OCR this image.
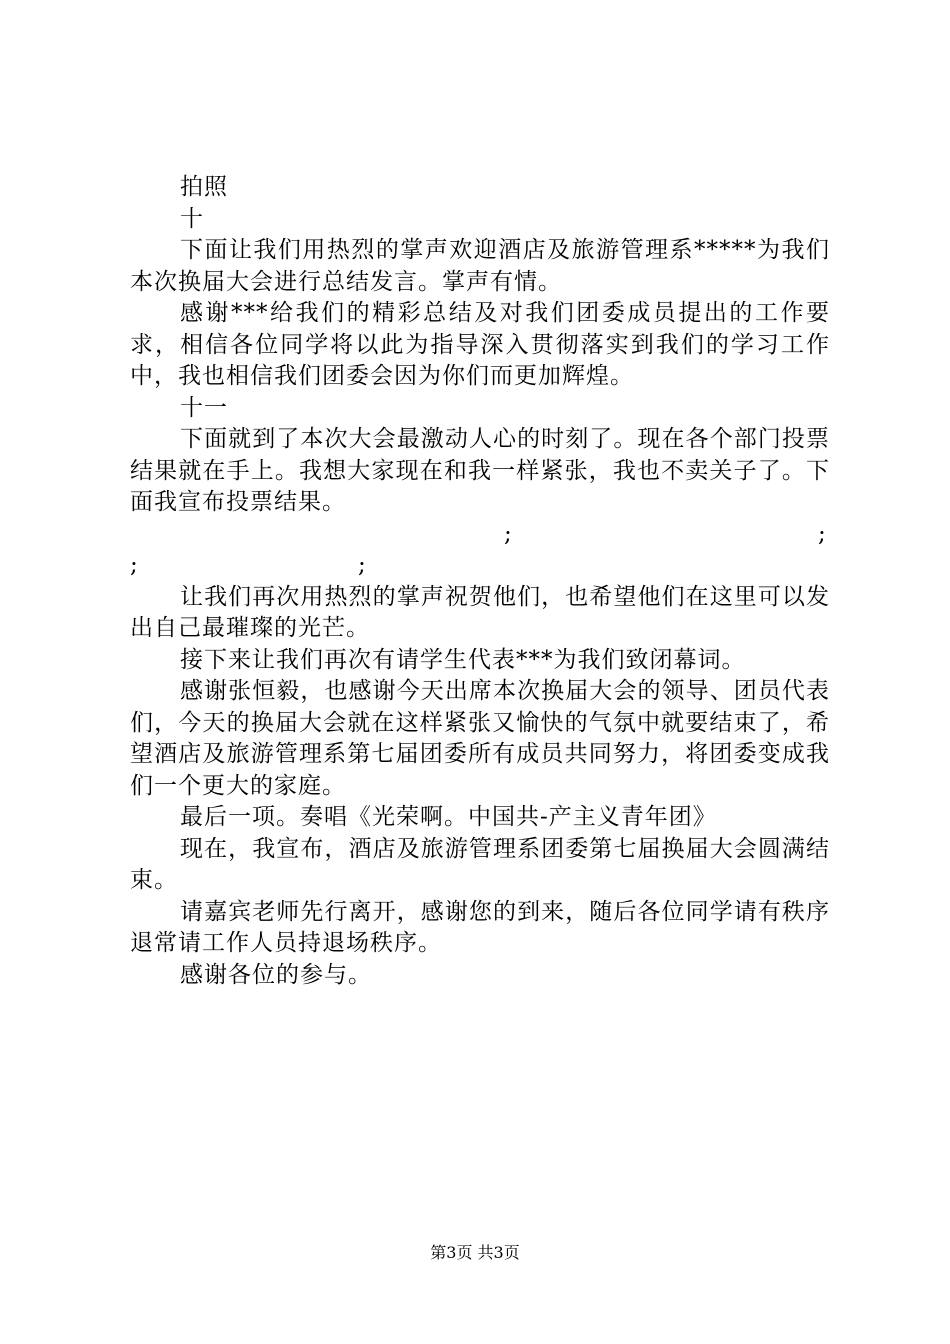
拍照

十

下面让我们用热烈的掌声欢迎酒店及旅游管理系*****为我们本次换届大会进行总结发言。掌声有情。

感谢***给我们的精彩总结及对我们团委成员提出的工作要求，相信各位同学将以此为指导深入贯彻落实到我们的学习工作中，我也相信我们团委会因为你们而更加辉煌。

十一

下面就到了本次大会最激动人心的时刻了。现在各个部门投票结果就在手上。我想大家现在和我一样紧张，我也不卖关子了。下面我宣布投票结果。

;	;
;	;

让我们再次用热烈的掌声祝贺他们，也希望他们在这里可以发出自己最璀璨的光芒。

接下来让我们再次有请学生代表***为我们致闭幕词。

感谢张恒毅，也感谢今天出席本次换届大会的领导、团员代表们，今天的换届大会就在这样紧张又愉快的气氛中就要结束了，希望酒店及旅游管理系第七届团委所有成员共同努力，将团委变成我们一个更大的家庭。

最后一项。奏唱《光荣啊。中国共-产主义青年团》

现在，我宣布，酒店及旅游管理系团委第七届换届大会圆满结束。

请嘉宾老师先行离开，感谢您的到来，随后各位同学请有秩序退常请工作人员持退场秩序。

感谢各位的参与。

第3页 共3页
